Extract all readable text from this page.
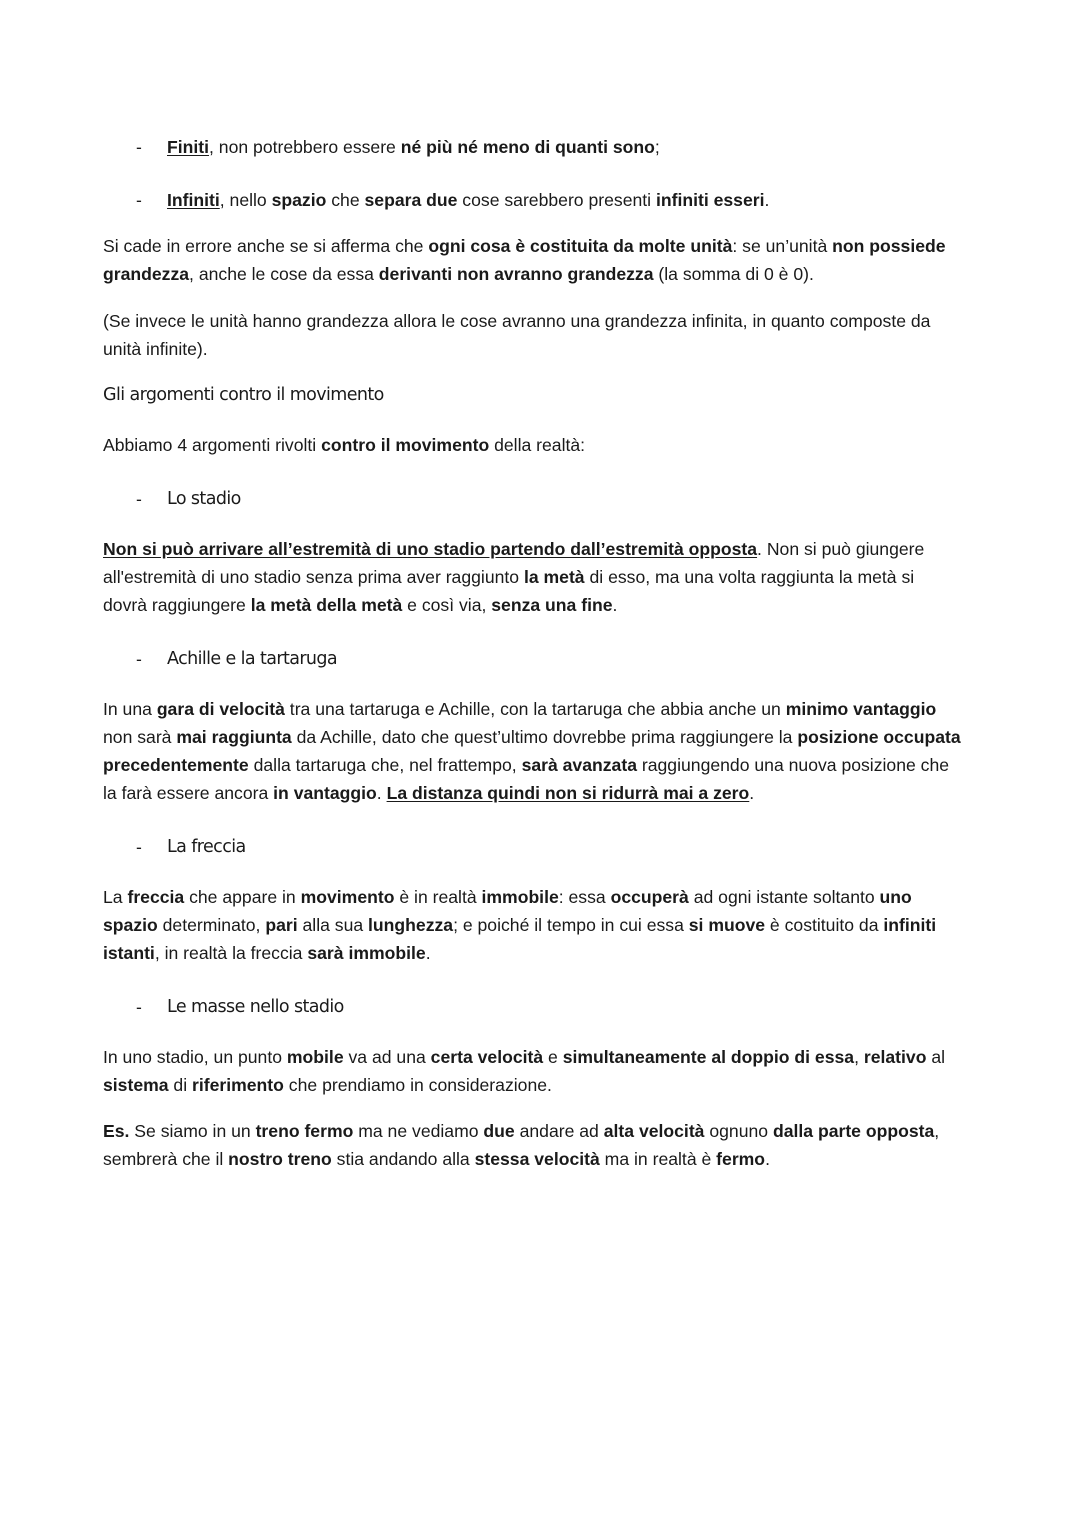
- Finiti, non potrebbero essere né più né meno di quanti sono;

- Infiniti, nello spazio che separa due cose sarebbero presenti infiniti esseri.

Si cade in errore anche se si afferma che ogni cosa è costituita da molte unità: se un’unità non possiede grandezza, anche le cose da essa derivanti non avranno grandezza (la somma di 0 è 0).

(Se invece le unità hanno grandezza allora le cose avranno una grandezza infinita, in quanto composte da unità infinite).

Gli argomenti contro il movimento

Abbiamo 4 argomenti rivolti contro il movimento della realtà:

- Lo stadio

Non si può arrivare all’estremità di uno stadio partendo dall’estremità opposta. Non si può giungere all'estremità di uno stadio senza prima aver raggiunto la metà di esso, ma una volta raggiunta la metà si dovrà raggiungere la metà della metà e così via, senza una fine.

- Achille e la tartaruga

In una gara di velocità tra una tartaruga e Achille, con la tartaruga che abbia anche un minimo vantaggio non sarà mai raggiunta da Achille, dato che quest’ultimo dovrebbe prima raggiungere la posizione occupata precedentemente dalla tartaruga che, nel frattempo, sarà avanzata raggiungendo una nuova posizione che la farà essere ancora in vantaggio. La distanza quindi non si ridurrà mai a zero.

- La freccia

La freccia che appare in movimento è in realtà immobile: essa occuperà ad ogni istante soltanto uno spazio determinato, pari alla sua lunghezza; e poiché il tempo in cui essa si muove è costituito da infiniti istanti, in realtà la freccia sarà immobile.

- Le masse nello stadio

In uno stadio, un punto mobile va ad una certa velocità e simultaneamente al doppio di essa, relativo al sistema di riferimento che prendiamo in considerazione.

Es. Se siamo in un treno fermo ma ne vediamo due andare ad alta velocità ognuno dalla parte opposta, sembrerà che il nostro treno stia andando alla stessa velocità ma in realtà è fermo.
